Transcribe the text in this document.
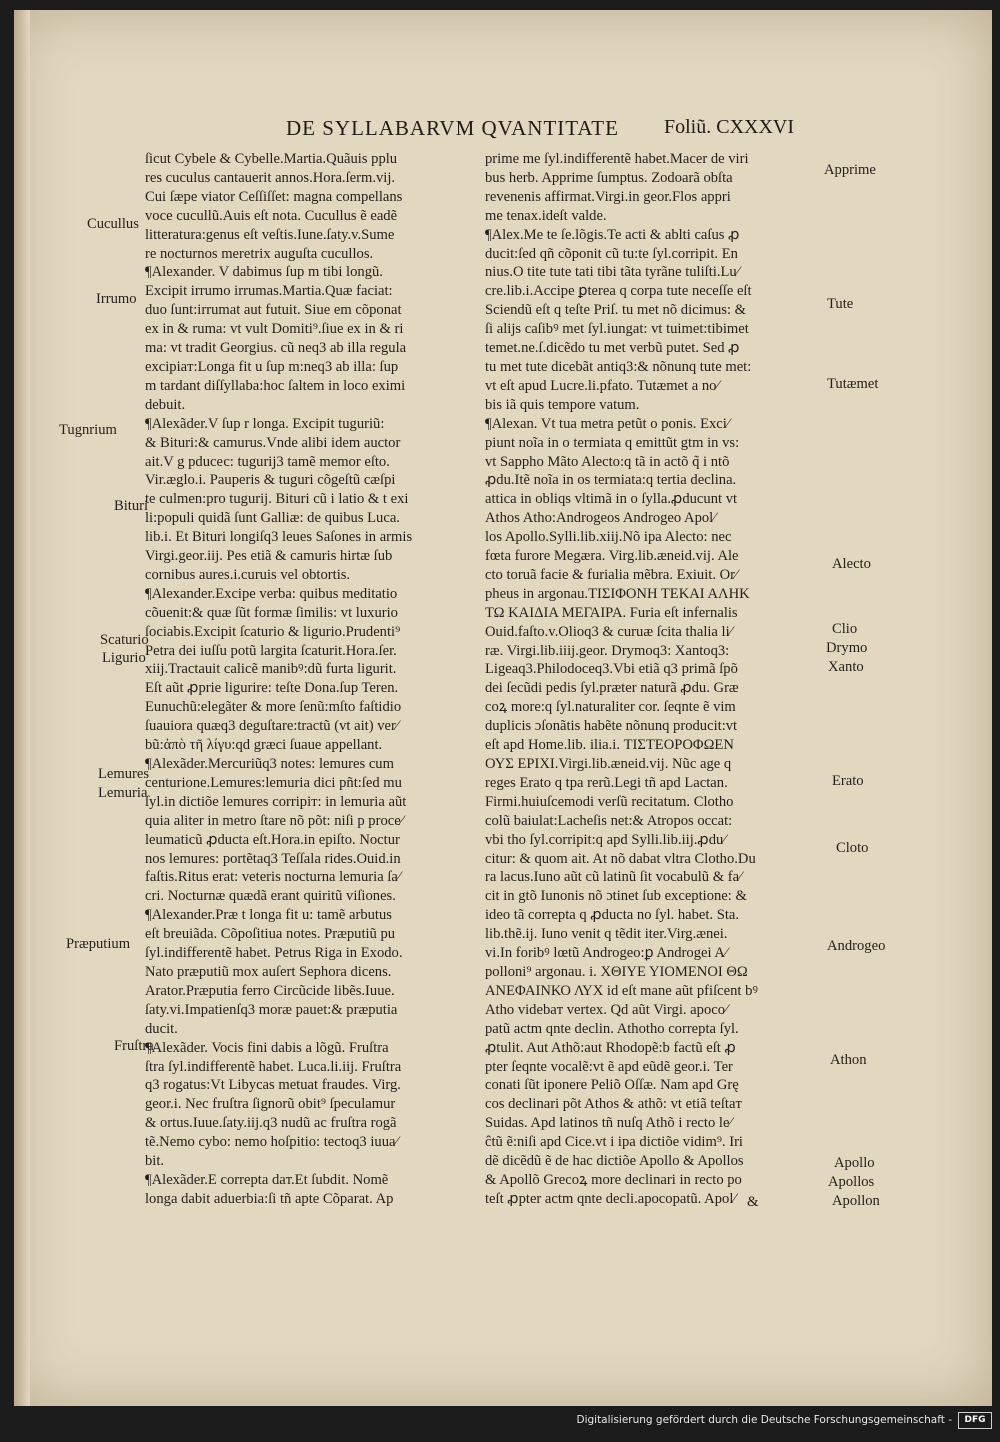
DE SYLLABARVM QVANTITATE Foliũ. CXXXVI
ſicut Cybele & Cybelle.Martia.Quãuis pplu
res cuculus cantauerit annos.Hora.ſerm.vij.
Cui ſæpe viator Ceſſiſſet: magna compellans
voce cucullũ.Auis eſt nota. Cucullus ẽ eadẽ
litteratura:genus eſt veſtis.Iune.ſaty.v.Sume
re nocturnos meretrix auguſta cucullos.
¶Alexander. V dabimus ſup m tibi longũ.
Excipit irrumo irrumas.Martia.Quæ faciat:
duo ſunt:irrumat aut futuit. Siue em cõponat
ex in & ruma: vt vult Domiti⁹.ſiue ex in & ri
ma: vt tradit Georgius. cũ neq3 ab illa regula
excipiaт:Longa fit u ſup m:neq3 ab illa: ſup
m tardant diſſyllaba:hoc ſaltem in loco eximi
debuit.
¶Alexãder.V ſup r longa. Excipit tuguriũ:
& Bituri:& camurus.Vnde alibi idem auctor
ait.V g pducес: tugurij3 tamẽ memor eſto.
Vir.æglo.i. Pauperis & tuguri cõgeſtũ cæſpi
te culmen:pro tugurij. Bituri cũ i latio & t exi
li:populi quidã ſunt Galliæ: de quibus Luca.
lib.i. Et Bituri longiſq3 leues Saſones in armis
Virgi.geor.iij. Pes etiã & camuris hirtæ ſub
cornibus aures.i.curuis vel obtortis.
¶Alexander.Excipe verba: quibus meditatio
cõuenit:& quæ ſũt formæ ſimilis: vt luxurio
ſociabis.Excipit ſcaturio & ligurio.Prudenti⁹
Petra dei iuſſu potũ largita ſcaturit.Hora.ſer.
xiij.Tractauit calicẽ manibꝰ:dũ furta ligurit.
Eſt aũt ꝓprie ligurire: teſte Dona.ſup Teren.
Eunuchũ:elegãter & more ſenũ:mſto faſtidio
ſuauiora quæq3 deguſtare:tractũ (vt ait) ver⁄
bũ:ἀπὸ τῆ λίγυ:qd grӕci ſuaue appellant.
¶Alexãder.Mercuriũq3 notes: lemures cum
centurione.Lemures:lemuria dici pñt:ſed mu
ſyl.in dictiõe lemures corripiт: in lemuria aũt
quia aliter in metro ſtare nõ põt: niſi p proce⁄
leumaticũ ꝓducta eſt.Hora.in epiſto. Noctur
nos lemures: portẽtaq3 Teſſala rides.Ouid.in
faſtis.Ritus erat: veteris nocturna lemuria ſa⁄
cri. Nocturnæ quædã erant quiritũ viſiones.
¶Alexander.Præ t longa fit u: tamẽ arbutus
eſt breuiãda. Cõpoſitiua notes. Præputiũ pu
ſyl.indifferentẽ habet. Petrus Riga in Exodo.
Nato præputiũ mox auſert Sephora dicens.
Arator.Præputia ferro Circũcide libẽs.Iuue.
ſaty.vi.Impatienſq3 moræ pauet:& præputia
ducit.
¶Alexãder. Vocis fini dabis a lõgũ. Fruſtra
ſtra ſyl.indifferentẽ habet. Luca.li.iij. Fruſtra
q3 rogatus:Vt Libycas metuat fraudes. Virg.
geor.i. Nec fruſtra ſignorũ obit⁹ ſpeculamur
& ortus.Iuue.ſaty.iij.q3 nudũ ac fruſtra rogã
tẽ.Nemo cybo: nemo hoſpitio: tectoq3 iuua⁄
bit.
¶Alexãder.E correpta daт.Et ſubdit. Nomẽ
longa dabit aduerbia:ſi tñ apte Cõparat. Ap
prime me ſyl.indifferentẽ habet.Macer de viri
bus herb. Apprime ſumptus. Zodoarã obſta
revenenis affirmat.Virgi.in geor.Flos appri
me tenax.ideſt valde.
¶Alex.Me te ſe.lõgis.Te acti & ablti caſus ꝓ
ducit:ſed qñ cõponit cũ tu:te ſyl.corripit. En
nius.O tite tute tati tibi tãta tyrãne tuliſti.Lu⁄
cre.lib.i.Accipe ꝑterea q corpa tute neceſſe eſt
Sciendũ eſt q teſte Priſ. tu met nõ dicimus: &
ſi alijs caſibꝰ met ſyl.iungat: vt tuimet:tibimet
temet.ne.ſ.dicẽdo tu met verbũ putet. Sed ꝓ
tu met tute dicebãt antiq3:& nõnunq tute met:
vt eſt apud Lucre.li.pfato. Tutæmet a no⁄
bis iã quis tempore vatum.
¶Alexan. Vt tua metra petũt o ponis. Exci⁄
piunt noĩa in o termiata q emittũt gtm in vs:
vt Sappho Mãto Alecto:q tã in actõ q̃ i ntõ
ꝓdu.Itẽ noĩa in os termiata:q tertia declina.
attica in obliqs vltimã in o ſylla.ꝓducunt vt
Athos Atho:Androgeos Androgeo Apol⁄
los Apollo.Sylli.lib.xiij.Nõ ipa Alecto: nec
fœta furore Megæra. Virg.lib.æneid.vij. Ale
cto toruã facie & furialia mẽbra. Exiuit. Or⁄
pheus in argonau.ΤΙΣΙΦΟΝΗ ΤΕΚΑΙ ΑΛΗΚ
ΤΩ ΚΑΙΔΙΑ ΜΕΓΑΙΡΑ. Furia eſt infernalis
Ouid.faſto.v.Olioq3 & curuæ ſcita thalia li⁄
ræ. Virgi.lib.iiij.geor. Drymoq3: Xantoq3:
Ligeaq3.Philodoceq3.Vbi etiã q3 primã ſpõ
dei ſecũdi pedis ſyl.præter naturã ꝓdu. Græ
coꝝ more:q ſyl.naturaliter cor. ſeqnte ẽ vim
duplicis ɔſonãtis habẽte nõnunq producit:vt
eſt apd Home.lib. ilia.i. ΤΙΣΤΕΟΡΟΦΩΕΝ
ΟΥΣ ΕΡΙΧΙ.Virgi.lib.æneid.vij. Nũc age q
reges Erato q tpa rerũ.Legi tñ apd Lactan.
Firmi.huiuſcemodi verſũ recitatum. Clotho
colũ baiulat:Lacheſis net:& Atropos occat:
vbi tho ſyl.corripit:q apd Sylli.lib.iij.ꝓdu⁄
citur: & quom ait. At nõ dabat vltra Clotho.Du
ra lacus.Iuno aũt cũ latinũ ſit vocabulũ & fa⁄
cit in gtõ Iunonis nõ ɔtinet ſub exceptione: &
ideo tã correpta q ꝓducta no ſyl. habet. Sta.
lib.thẽ.ij. Iuno venit q tẽdit iter.Virg.æneі.
vi.In foribꝰ lœtũ Androgeo:ꝑ Androgei A⁄
polloni⁹ argonau. i. ΧΘΙΥΕ ΥΙΟΜΕΝΟΙ ΘΩ
ΑΝΕΦΑΙΝΚΟ ΛΥΧ id eſt mane aũt pfiſcent bꝰ
Atho videbaт vertex. Qd aũt Virgi. apoco⁄
patũ actm qnte declin. Athotho correpta ſyl.
ꝓtulit. Aut Athõ:aut Rhodopẽ:b factũ eſt ꝓ
pter ſeqnte vocalẽ:vt ẽ apd eũdẽ geor.i. Ter
conati ſũt iponere Peliõ Oſſæ. Nam apd Grę
cos declinari põt Athos & athõ: vt etiã teſtaт
Suidas. Apd latinos tñ nuſq Athõ i recto le⁄
ĉtũ ẽ:niſi apd Cice.vt i ipa dictiõe vidim⁹. Iri
dẽ dicẽdũ ẽ de hac dictiõe Apollo & Apollos
& Apollõ Grecoꝝ more declinari in recto po
teſt ꝓpter actm qnte decli.apocopatũ. Apol⁄
Cucullus
Irrumo
Tugnrium
Bituri
Scaturio
Ligurio
Lemures
Lemuria
Præputium
Fruſtra
Apprime
Tute
Tutæmet
Alecto
Clio
Drymo
Xanto
Erato
Cloto
Androgeo
Athon
Apollo
Apollos
Apollon
&
Digitalisierung gefördert durch die Deutsche Forschungsgemeinschaft -	DFG
